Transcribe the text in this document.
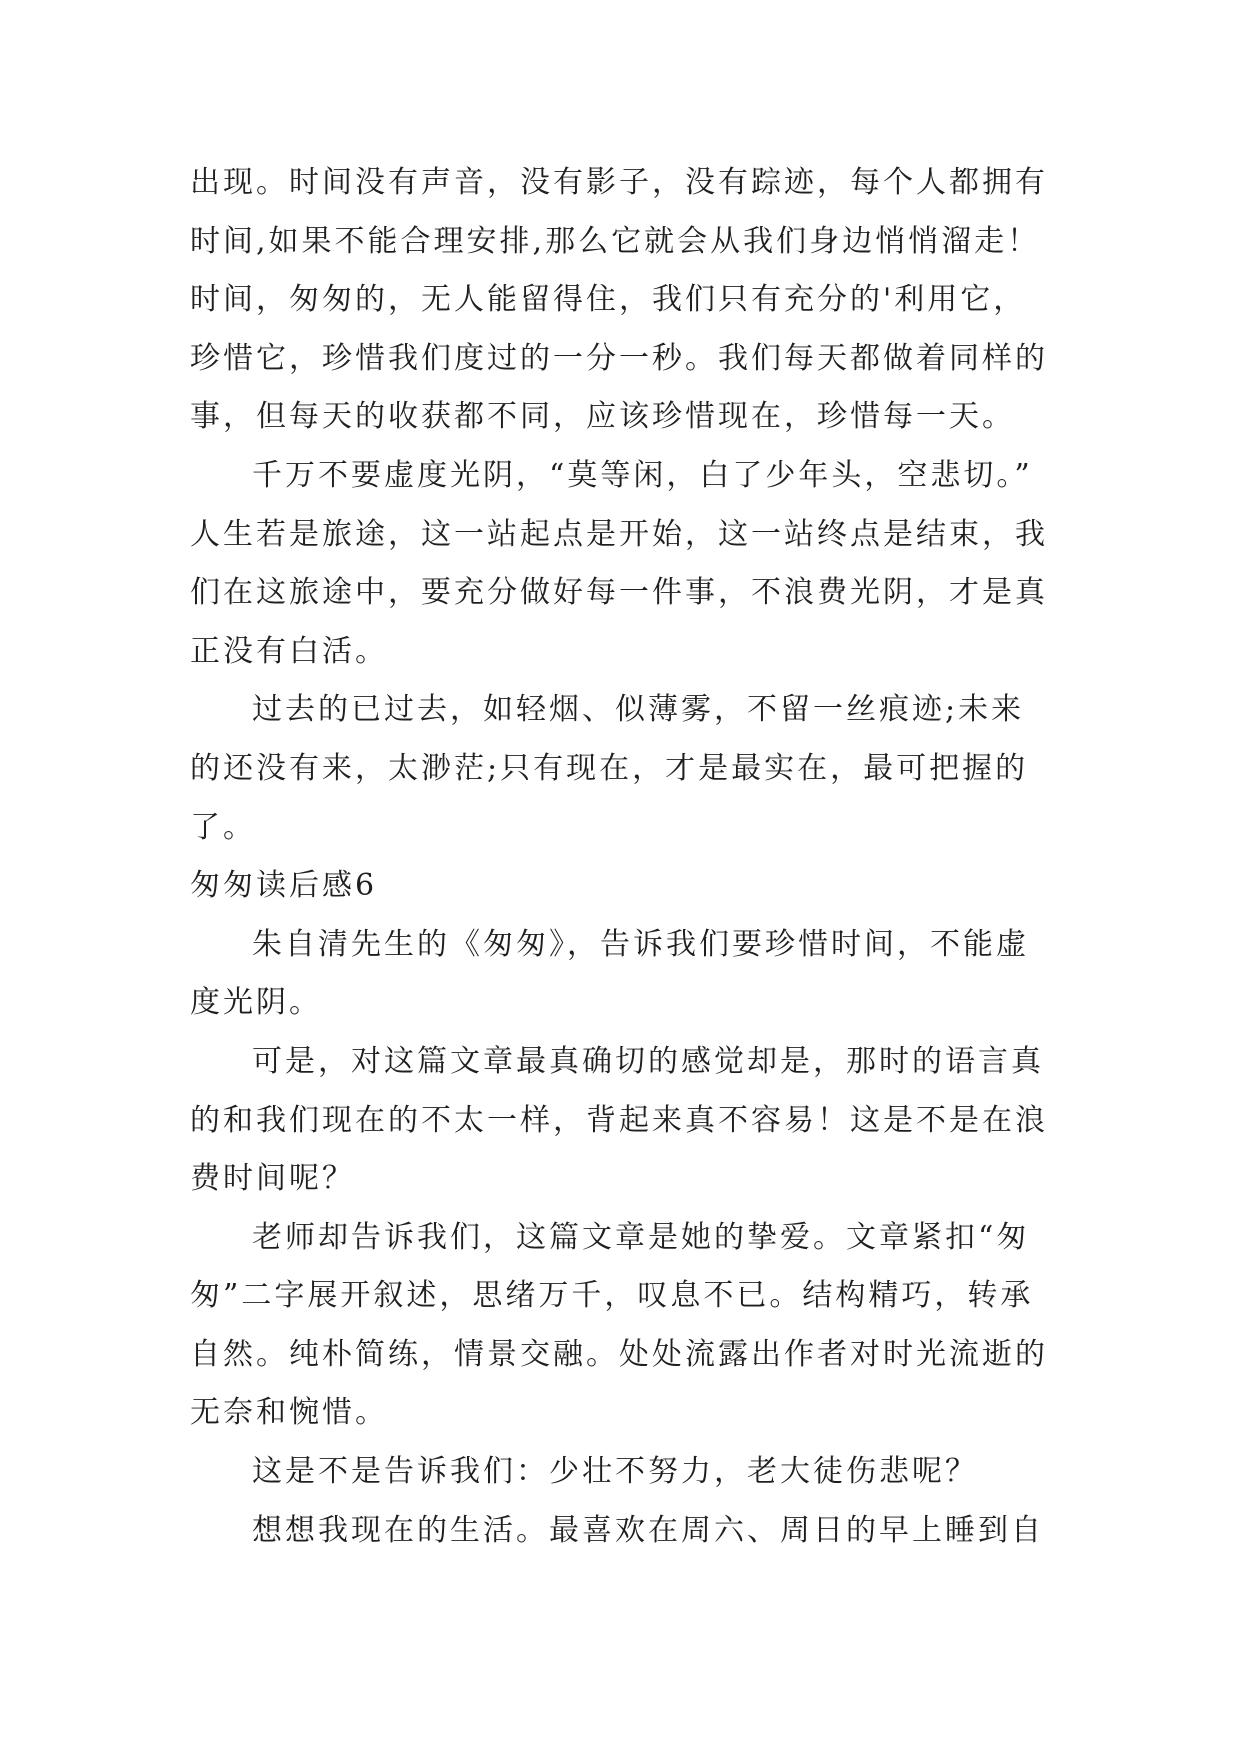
出现。时间没有声音，没有影子，没有踪迹，每个人都拥有
时间,如果不能合理安排,那么它就会从我们身边悄悄溜走！
时间，匆匆的，无人能留得住，我们只有充分的'利用它，
珍惜它，珍惜我们度过的一分一秒。我们每天都做着同样的
事，但每天的收获都不同，应该珍惜现在，珍惜每一天。
千万不要虚度光阴，“莫等闲，白了少年头，空悲切。”
人生若是旅途，这一站起点是开始，这一站终点是结束，我
们在这旅途中，要充分做好每一件事，不浪费光阴，才是真
正没有白活。
过去的已过去，如轻烟、似薄雾，不留一丝痕迹;未来
的还没有来，太渺茫;只有现在，才是最实在，最可把握的
了。
匆匆读后感6
朱自清先生的《匆匆》，告诉我们要珍惜时间，不能虚
度光阴。
可是，对这篇文章最真确切的感觉却是，那时的语言真
的和我们现在的不太一样，背起来真不容易！这是不是在浪
费时间呢？
老师却告诉我们，这篇文章是她的挚爱。文章紧扣“匆
匆”二字展开叙述，思绪万千，叹息不已。结构精巧，转承
自然。纯朴简练，情景交融。处处流露出作者对时光流逝的
无奈和惋惜。
这是不是告诉我们：少壮不努力，老大徒伤悲呢？
想想我现在的生活。最喜欢在周六、周日的早上睡到自
